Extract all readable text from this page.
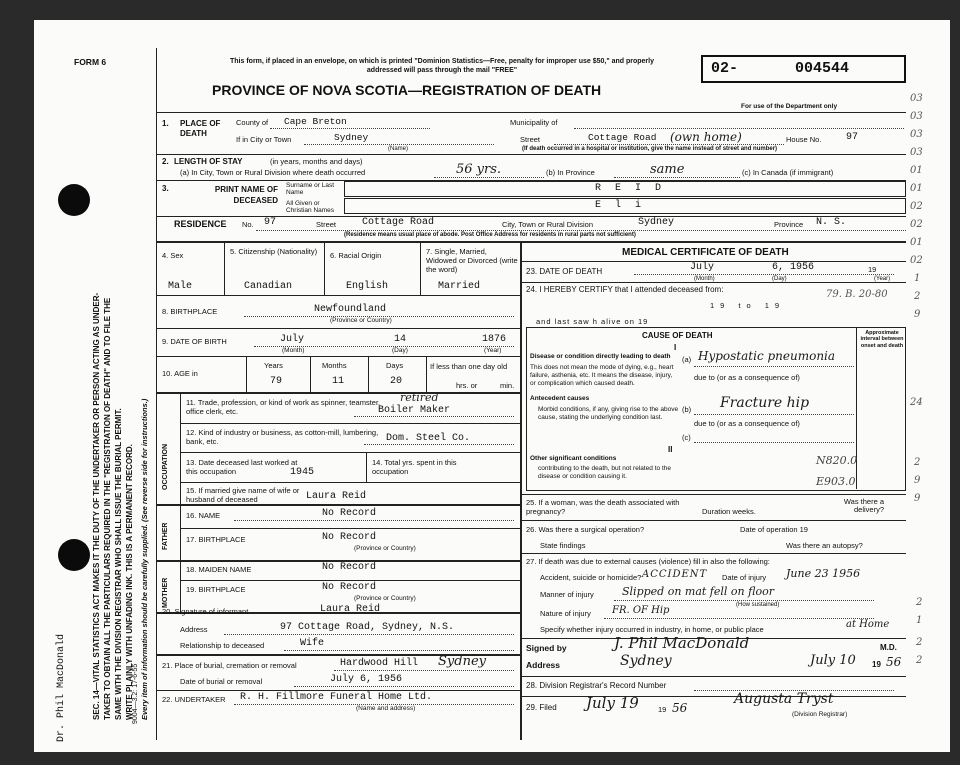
FORM 6
SEC. 14—VITAL STATISTICS ACT MAKES IT THE DUTY OF THE UNDERTAKER OR PERSON ACTING AS UNDER- TAKER TO OBTAIN ALL THE PARTICULARS REQUIRED IN THE "REGISTRATION OF DEATH" AND TO FILE THE SAME WITH THE DIVISION REGISTRAR WHO SHALL ISSUE THE BURIAL PERMIT. WRITE PLAINLY WITH UNFADING INK. THIS IS A PERMANENT RECORD. Every item of information should be carefully supplied. (See reverse side for instructions.)
Dr. Phil MacDonald	9004—3.2: 17-6-55
This form, if placed in an envelope, on which is printed "Dominion Statistics—Free, penalty for improper use $50," and properly addressed will pass through the mail "FREE"
PROVINCE OF NOVA SCOTIA—REGISTRATION OF DEATH
02-	004544
For use of the Department only
1. PLACE OF DEATH
County of Cape Breton	Municipality of
If in City or Town	Sydney
(Name)
Street	Cottage Road (own home)	House No. 97
(If death occurred in a hospital or institution, give the name instead of street and number)
2. LENGTH OF STAY	(in years, months and days)
(a) In City, Town or Rural Division where death occurred	56 yrs.	(b) In Province	same	(c) In Canada (if immigrant)
3.	PRINT NAME OF DECEASED
Surname or Last Name
All Given or Christian Names
R E I D
E l i
RESIDENCE No. 97	Street	Cottage Road	City, Town or Rural Division	Sydney	Province N. S.
(Residence means usual place of abode. Post Office Address for residents in rural parts not sufficient)
4. Sex
Male
5. Citizenship (Nationality)
Canadian
6. Racial Origin
English
7. Single, Married, Widowed or Divorced (write the word)
Married
8. BIRTHPLACE	Newfoundland
(Province or Country)
9. DATE OF BIRTH	July
(Month)
14
(Day)
1876
(Year)
10. AGE in
Years
79
Months
11
Days
20
If less than one day old
hrs. or	min.
OCCUPATION
11. Trade, profession, or kind of work as spinner, teamster, office clerk, etc.
retired
Boiler Maker
12. Kind of industry or business, as cotton-mill, lumbering, bank, etc.	Dom. Steel Co.
13. Date deceased last worked at this occupation	1945
14. Total yrs. spent in this occupation
15. If married give name of wife or husband of deceased	Laura Reid
FATHER
16. NAME	No Record
17. BIRTHPLACE	No Record
(Province or Country)
MOTHER
18. MAIDEN NAME	No Record
19. BIRTHPLACE	No Record
(Province or Country)
20. Signature of informant	Laura Reid
Address	97 Cottage Road, Sydney, N.S.
Relationship to deceased	Wife
21. Place of burial, cremation or removal	Hardwood Hill Sydney
Date of burial or removal	July 6, 1956
22. UNDERTAKER R. H. Fillmore Funeral Home Ltd.
(Name and address)
MEDICAL CERTIFICATE OF DEATH
23. DATE OF DEATH	July	6, 1956	19
(Month)	(Day)	(Year)
24. I HEREBY CERTIFY that I attended deceased from:
19 to 19
79. B. 20-80
and last saw h alive on 19
CAUSE OF DEATH	Approximate interval between onset and death
I
Disease or condition directly leading to death
This does not mean the mode of dying, e.g., heart failure, asthenia, etc. It means the disease, injury, or complication which caused death.
(a) Hypostatic pneumonia
due to (or as a consequence of)
Antecedent causes
Morbid conditions, if any, giving rise to the above cause, stating the underlying condition last.
(b) Fracture hip
due to (or as a consequence of)
(c)
II
Other significant conditions
contributing to the death, but not related to the disease or condition causing it.
N820.0
E903.0
25. If a woman, was the death associated with pregnancy?	Duration weeks.
Was there a delivery?
26. Was there a surgical operation?	Date of operation 19
State findings	Was there an autopsy?
27. If death was due to external causes (violence) fill in also the following:
Accident, suicide or homicide? ACCIDENT Date of injury June 23 1956
Manner of injury	Slipped on mat fell on floor
(How sustained)
Nature of injury FR. OF Hip
Specify whether injury occurred in industry, in home, or public place	at Home
Signed by	J. Phil MacDonald	M.D.
Address	Sydney	July 10 19 56
28. Division Registrar's Record Number
29. Filed July 19	19 56
Augusta Tryst
(Division Registrar)
03
03
03
03
01
01
02
02
01
02
1
2
9
24
2
9
9
2
1
2
2
